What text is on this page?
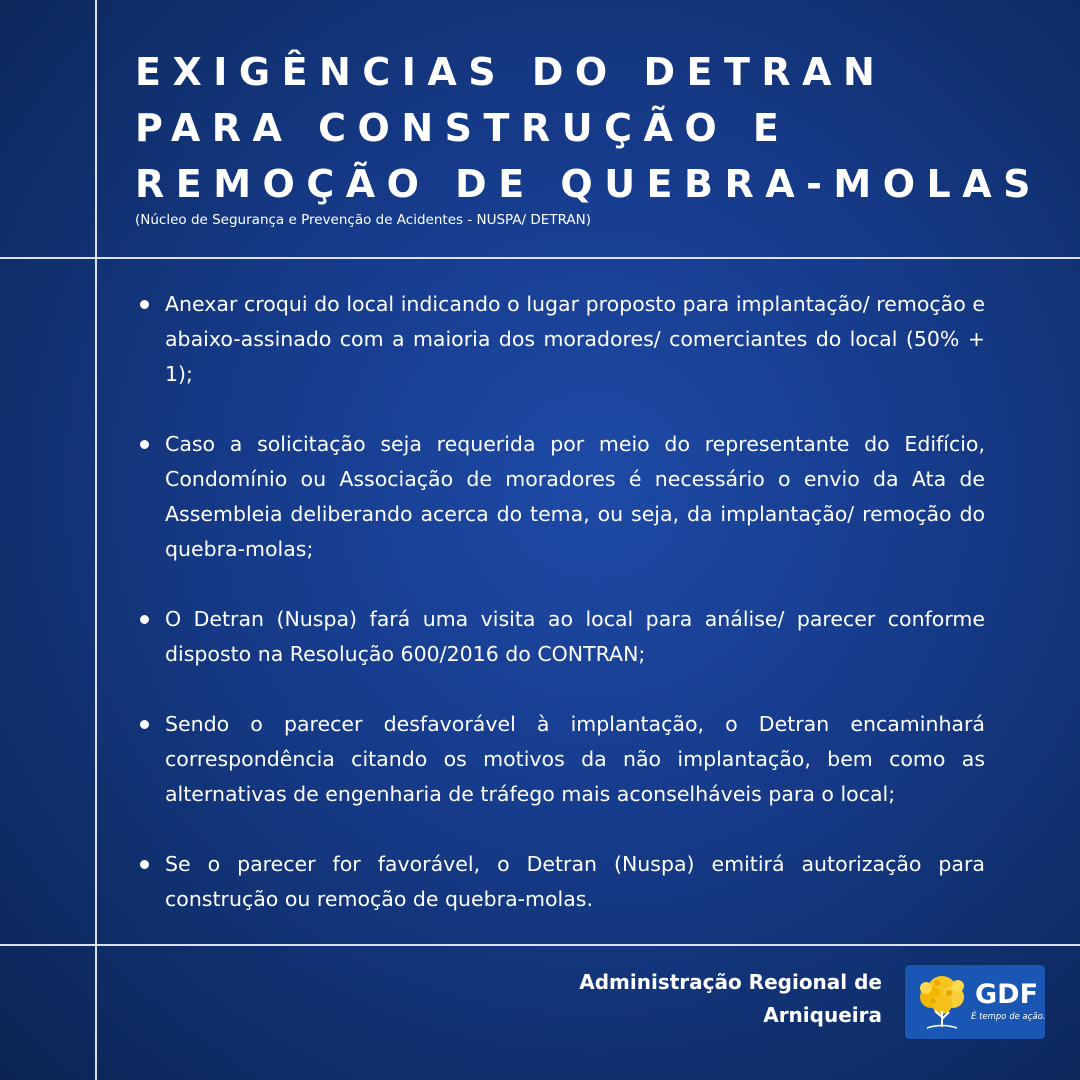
EXIGÊNCIAS DO DETRAN
PARA CONSTRUÇÃO E
REMOÇÃO DE QUEBRA-MOLAS
(Núcleo de Segurança e Prevenção de Acidentes - NUSPA/ DETRAN)
Anexar croqui do local indicando o lugar proposto para implantação/ remoção e abaixo-assinado com a maioria dos moradores/ comerciantes do local (50% + 1);
Caso a solicitação seja requerida por meio do representante do Edifício, Condomínio ou Associação de moradores é necessário o envio da Ata de Assembleia deliberando acerca do tema, ou seja, da implantação/ remoção do quebra-molas;
O Detran (Nuspa) fará uma visita ao local para análise/ parecer conforme disposto na Resolução 600/2016 do CONTRAN;
Sendo o parecer desfavorável à implantação, o Detran encaminhará correspondência citando os motivos da não implantação, bem como as alternativas de engenharia de tráfego mais aconselháveis para o local;
Se o parecer for favorável, o Detran (Nuspa) emitirá autorização para construção ou remoção de quebra-molas.
Administração Regional de
Arniqueira
GDF
É tempo de ação.
